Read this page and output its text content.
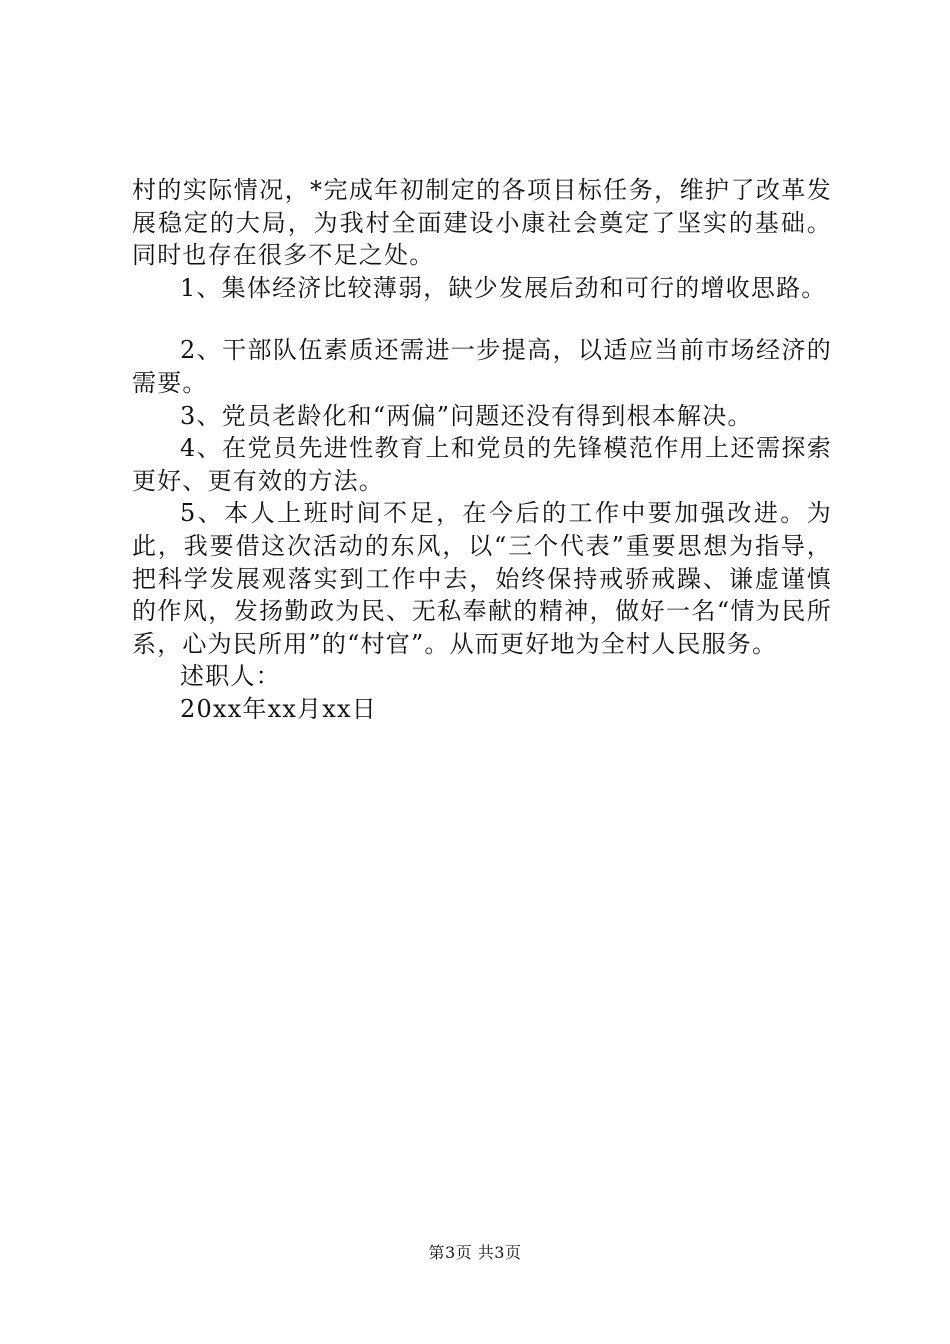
村的实际情况，*完成年初制定的各项目标任务，维护了改革发展稳定的大局，为我村全面建设小康社会奠定了坚实的基础。同时也存在很多不足之处。

1、集体经济比较薄弱，缺少发展后劲和可行的增收思路。

2、干部队伍素质还需进一步提高，以适应当前市场经济的需要。

3、党员老龄化和“两偏”问题还没有得到根本解决。

4、在党员先进性教育上和党员的先锋模范作用上还需探索更好、更有效的方法。

5、本人上班时间不足，在今后的工作中要加强改进。为此，我要借这次活动的东风，以“三个代表”重要思想为指导，把科学发展观落实到工作中去，始终保持戒骄戒躁、谦虚谨慎的作风，发扬勤政为民、无私奉献的精神，做好一名“情为民所系，心为民所用”的“村官”。从而更好地为全村人民服务。

述职人：

20xx年xx月xx日

第3页 共3页
